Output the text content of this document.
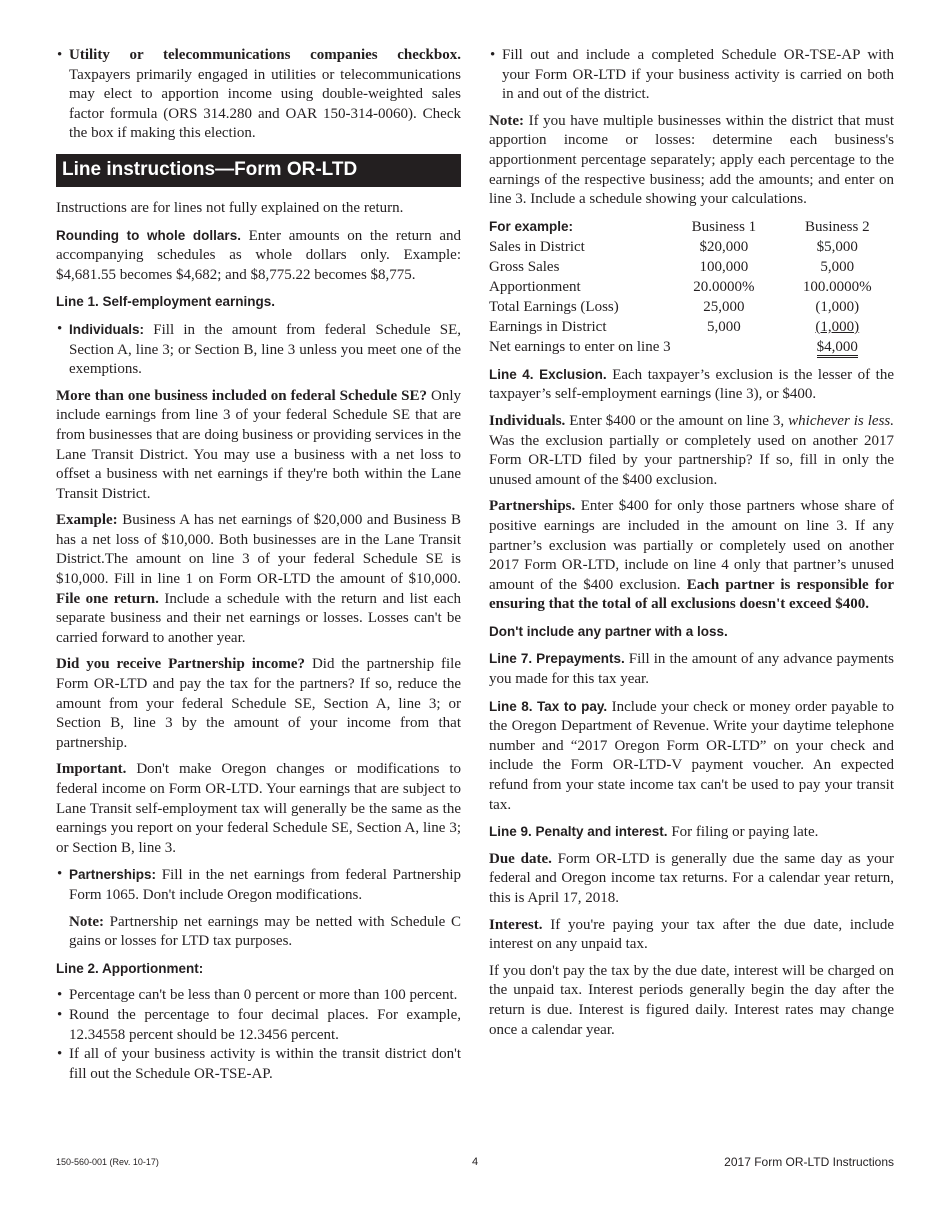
• Utility or telecommunications companies checkbox. Taxpayers primarily engaged in utilities or telecommunications may elect to apportion income using double-weighted sales factor formula (ORS 314.280 and OAR 150-314-0060). Check the box if making this election.
Line instructions—Form OR-LTD

Instructions are for lines not fully explained on the return.

Rounding to whole dollars. Enter amounts on the return and accompanying schedules as whole dollars only. Example: $4,681.55 becomes $4,682; and $8,775.22 becomes $8,775.

Line 1. Self-employment earnings.

• Individuals: Fill in the amount from federal Schedule SE, Section A, line 3; or Section B, line 3 unless you meet one of the exemptions.

More than one business included on federal Schedule SE? Only include earnings from line 3 of your federal Schedule SE that are from businesses that are doing business or providing services in the Lane Transit District. You may use a business with a net loss to offset a business with net earnings if they're both within the Lane Transit District.

Example: Business A has net earnings of $20,000 and Business B has a net loss of $10,000. Both businesses are in the Lane Transit District.The amount on line 3 of your federal Schedule SE is $10,000. Fill in line 1 on Form OR-LTD the amount of $10,000. File one return. Include a schedule with the return and list each separate business and their net earnings or losses. Losses can't be carried forward to another year.

Did you receive Partnership income? Did the partnership file Form OR-LTD and pay the tax for the partners? If so, reduce the amount from your federal Schedule SE, Section A, line 3; or Section B, line 3 by the amount of your income from that partnership.

Important. Don't make Oregon changes or modifications to federal income on Form OR-LTD. Your earnings that are subject to Lane Transit self-employment tax will generally be the same as the earnings you report on your federal Schedule SE, Section A, line 3; or Section B, line 3.

• Partnerships: Fill in the net earnings from federal Partnership Form 1065. Don't include Oregon modifications.

Note: Partnership net earnings may be netted with Schedule C gains or losses for LTD tax purposes.

Line 2. Apportionment:

• Percentage can't be less than 0 percent or more than 100 percent.
• Round the percentage to four decimal places. For example, 12.34558 percent should be 12.3456 percent.
• If all of your business activity is within the transit district don't fill out the Schedule OR-TSE-AP.
• Fill out and include a completed Schedule OR-TSE-AP with your Form OR-LTD if your business activity is carried on both in and out of the district.

Note: If you have multiple businesses within the district that must apportion income or losses: determine each business's apportionment percentage separately; apply each percentage to the earnings of the respective business; add the amounts; and enter on line 3. Include a schedule showing your calculations.

For example:	Business 1	Business 2
Sales in District	$20,000	$5,000
Gross Sales	100,000	5,000
Apportionment	20.0000%	100.0000%
Total Earnings (Loss)	25,000	(1,000)
Earnings in District	5,000	(1,000)
Net earnings to enter on line 3		$4,000

Line 4. Exclusion. Each taxpayer’s exclusion is the lesser of the taxpayer’s self-employment earnings (line 3), or $400.

Individuals. Enter $400 or the amount on line 3, whichever is less. Was the exclusion partially or completely used on another 2017 Form OR-LTD filed by your partnership? If so, fill in only the unused amount of the $400 exclusion.

Partnerships. Enter $400 for only those partners whose share of positive earnings are included in the amount on line 3. If any partner’s exclusion was partially or completely used on another 2017 Form OR-LTD, include on line 4 only that partner’s unused amount of the $400 exclusion. Each partner is responsible for ensuring that the total of all exclusions doesn't exceed $400.

Don't include any partner with a loss.

Line 7. Prepayments. Fill in the amount of any advance payments you made for this tax year.

Line 8. Tax to pay. Include your check or money order payable to the Oregon Department of Revenue. Write your daytime telephone number and “2017 Oregon Form OR-LTD” on your check and include the Form OR-LTD-V payment voucher. An expected refund from your state income tax can't be used to pay your transit tax.

Line 9. Penalty and interest. For filing or paying late.

Due date. Form OR-LTD is generally due the same day as your federal and Oregon income tax returns. For a calendar year return, this is April 17, 2018.

Interest. If you're paying your tax after the due date, include interest on any unpaid tax.

If you don't pay the tax by the due date, interest will be charged on the unpaid tax. Interest periods generally begin the day after the return is due. Interest is figured daily. Interest rates may change once a calendar year.

150-560-001 (Rev. 10-17)	4	2017 Form OR-LTD Instructions
